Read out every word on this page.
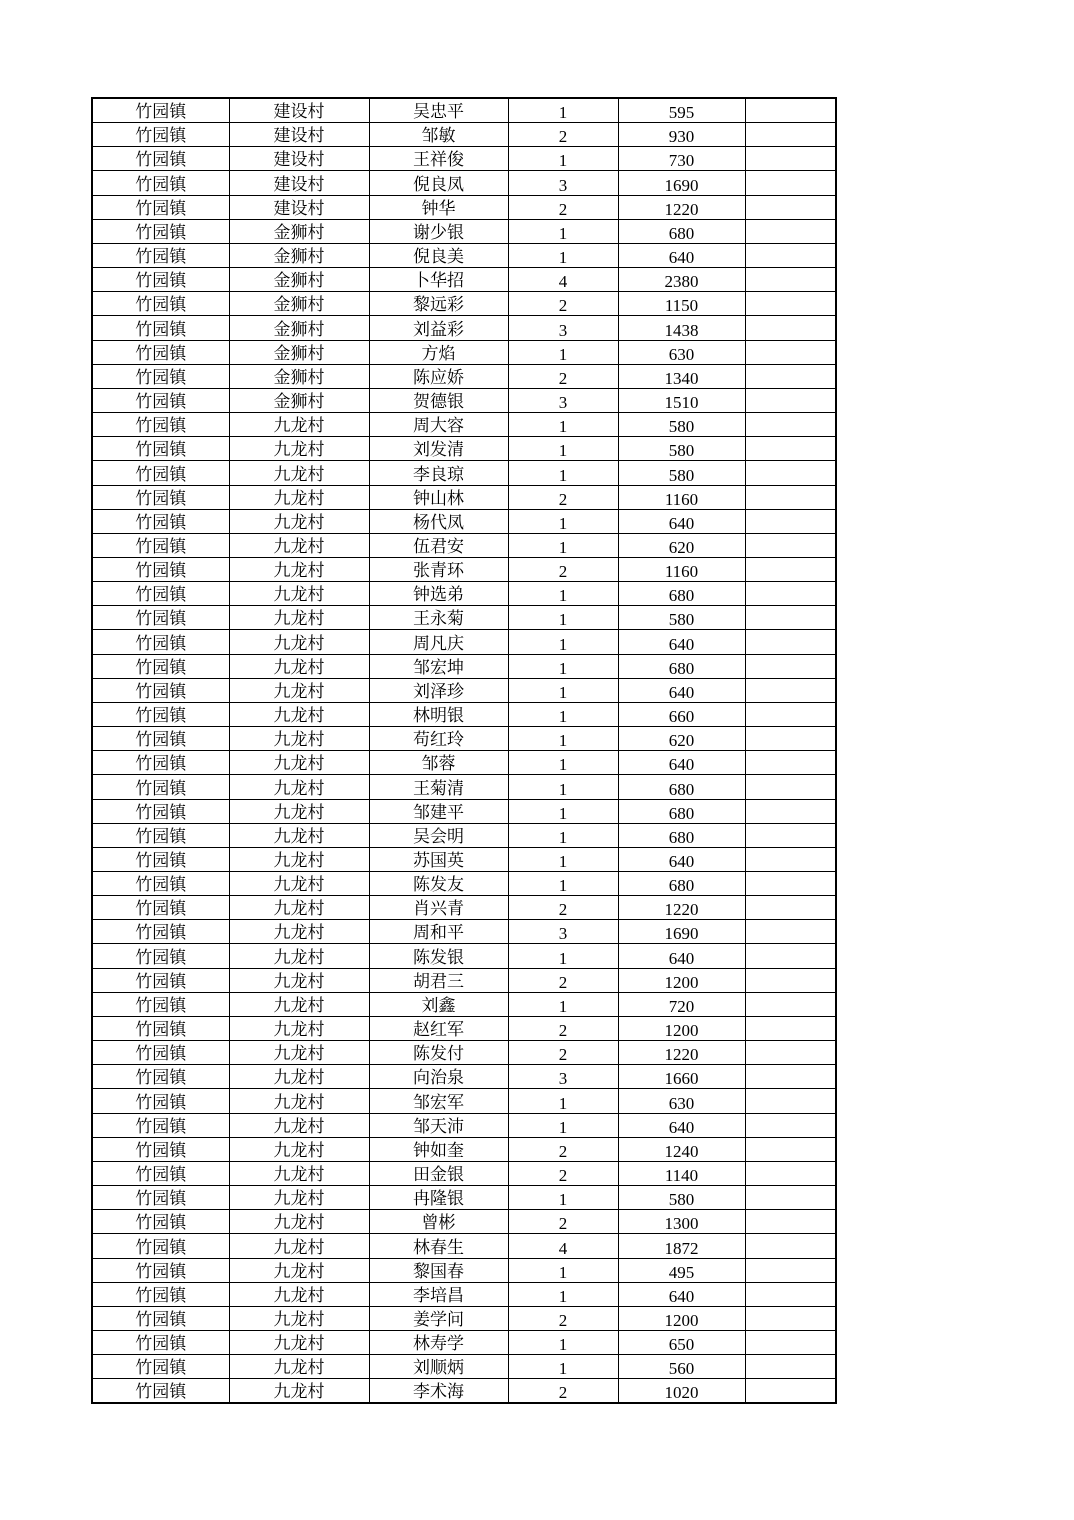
竹园镇	建设村	吴忠平	1	595	
竹园镇	建设村	邹敏	2	930	
竹园镇	建设村	王祥俊	1	730	
竹园镇	建设村	倪良凤	3	1690	
竹园镇	建设村	钟华	2	1220	
竹园镇	金狮村	谢少银	1	680	
竹园镇	金狮村	倪良美	1	640	
竹园镇	金狮村	卜华招	4	2380	
竹园镇	金狮村	黎远彩	2	1150	
竹园镇	金狮村	刘益彩	3	1438	
竹园镇	金狮村	方焰	1	630	
竹园镇	金狮村	陈应娇	2	1340	
竹园镇	金狮村	贺德银	3	1510	
竹园镇	九龙村	周大容	1	580	
竹园镇	九龙村	刘发清	1	580	
竹园镇	九龙村	李良琼	1	580	
竹园镇	九龙村	钟山林	2	1160	
竹园镇	九龙村	杨代凤	1	640	
竹园镇	九龙村	伍君安	1	620	
竹园镇	九龙村	张青环	2	1160	
竹园镇	九龙村	钟选弟	1	680	
竹园镇	九龙村	王永菊	1	580	
竹园镇	九龙村	周凡庆	1	640	
竹园镇	九龙村	邹宏坤	1	680	
竹园镇	九龙村	刘泽珍	1	640	
竹园镇	九龙村	林明银	1	660	
竹园镇	九龙村	苟红玲	1	620	
竹园镇	九龙村	邹蓉	1	640	
竹园镇	九龙村	王菊清	1	680	
竹园镇	九龙村	邹建平	1	680	
竹园镇	九龙村	吴会明	1	680	
竹园镇	九龙村	苏国英	1	640	
竹园镇	九龙村	陈发友	1	680	
竹园镇	九龙村	肖兴青	2	1220	
竹园镇	九龙村	周和平	3	1690	
竹园镇	九龙村	陈发银	1	640	
竹园镇	九龙村	胡君三	2	1200	
竹园镇	九龙村	刘鑫	1	720	
竹园镇	九龙村	赵红军	2	1200	
竹园镇	九龙村	陈发付	2	1220	
竹园镇	九龙村	向治泉	3	1660	
竹园镇	九龙村	邹宏军	1	630	
竹园镇	九龙村	邹天沛	1	640	
竹园镇	九龙村	钟如奎	2	1240	
竹园镇	九龙村	田金银	2	1140	
竹园镇	九龙村	冉隆银	1	580	
竹园镇	九龙村	曾彬	2	1300	
竹园镇	九龙村	林春生	4	1872	
竹园镇	九龙村	黎国春	1	495	
竹园镇	九龙村	李培昌	1	640	
竹园镇	九龙村	姜学问	2	1200	
竹园镇	九龙村	林寿学	1	650	
竹园镇	九龙村	刘顺炳	1	560	
竹园镇	九龙村	李术海	2	1020	
